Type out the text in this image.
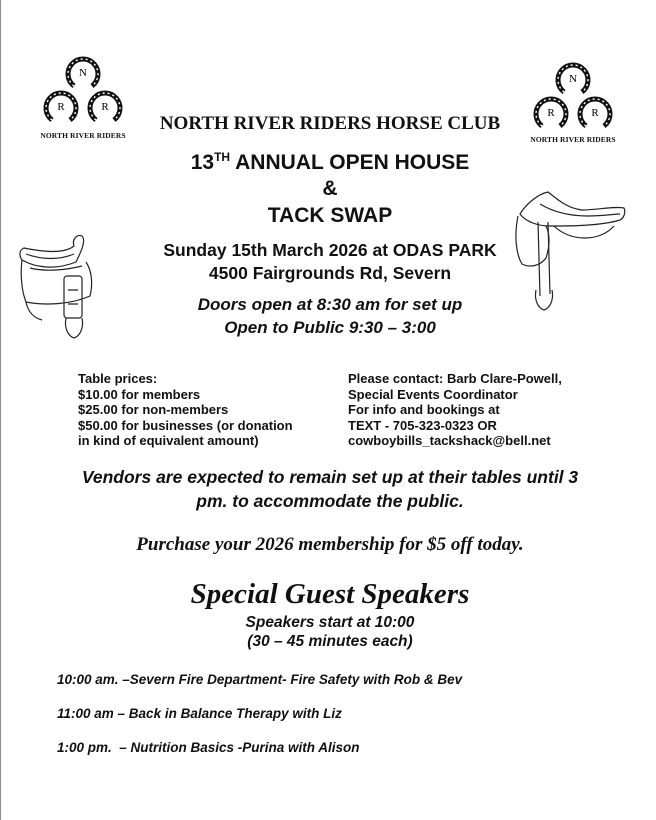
N
R	R
NORTH RIVER RIDERS
N
R	R
NORTH RIVER RIDERS
NORTH RIVER RIDERS HORSE CLUB
13TH ANNUAL OPEN HOUSE
&
TACK SWAP
Sunday 15th March 2026 at ODAS PARK
4500 Fairgrounds Rd, Severn
Doors open at 8:30 am for set up
Open to Public 9:30 – 3:00
Table prices:
$10.00 for members
$25.00 for non-members
$50.00 for businesses (or donation
in kind of equivalent amount)
Please contact: Barb Clare-Powell,
Special Events Coordinator
For info and bookings at
TEXT - 705-323-0323 OR
cowboybills_tackshack@bell.net
Vendors are expected to remain set up at their tables until 3
pm. to accommodate the public.
Purchase your 2026 membership for $5 off today.
Special Guest Speakers
Speakers start at 10:00
(30 – 45 minutes each)
10:00 am. –Severn Fire Department- Fire Safety with Rob & Bev
11:00 am – Back in Balance Therapy with Liz
1:00 pm.  – Nutrition Basics -Purina with Alison
